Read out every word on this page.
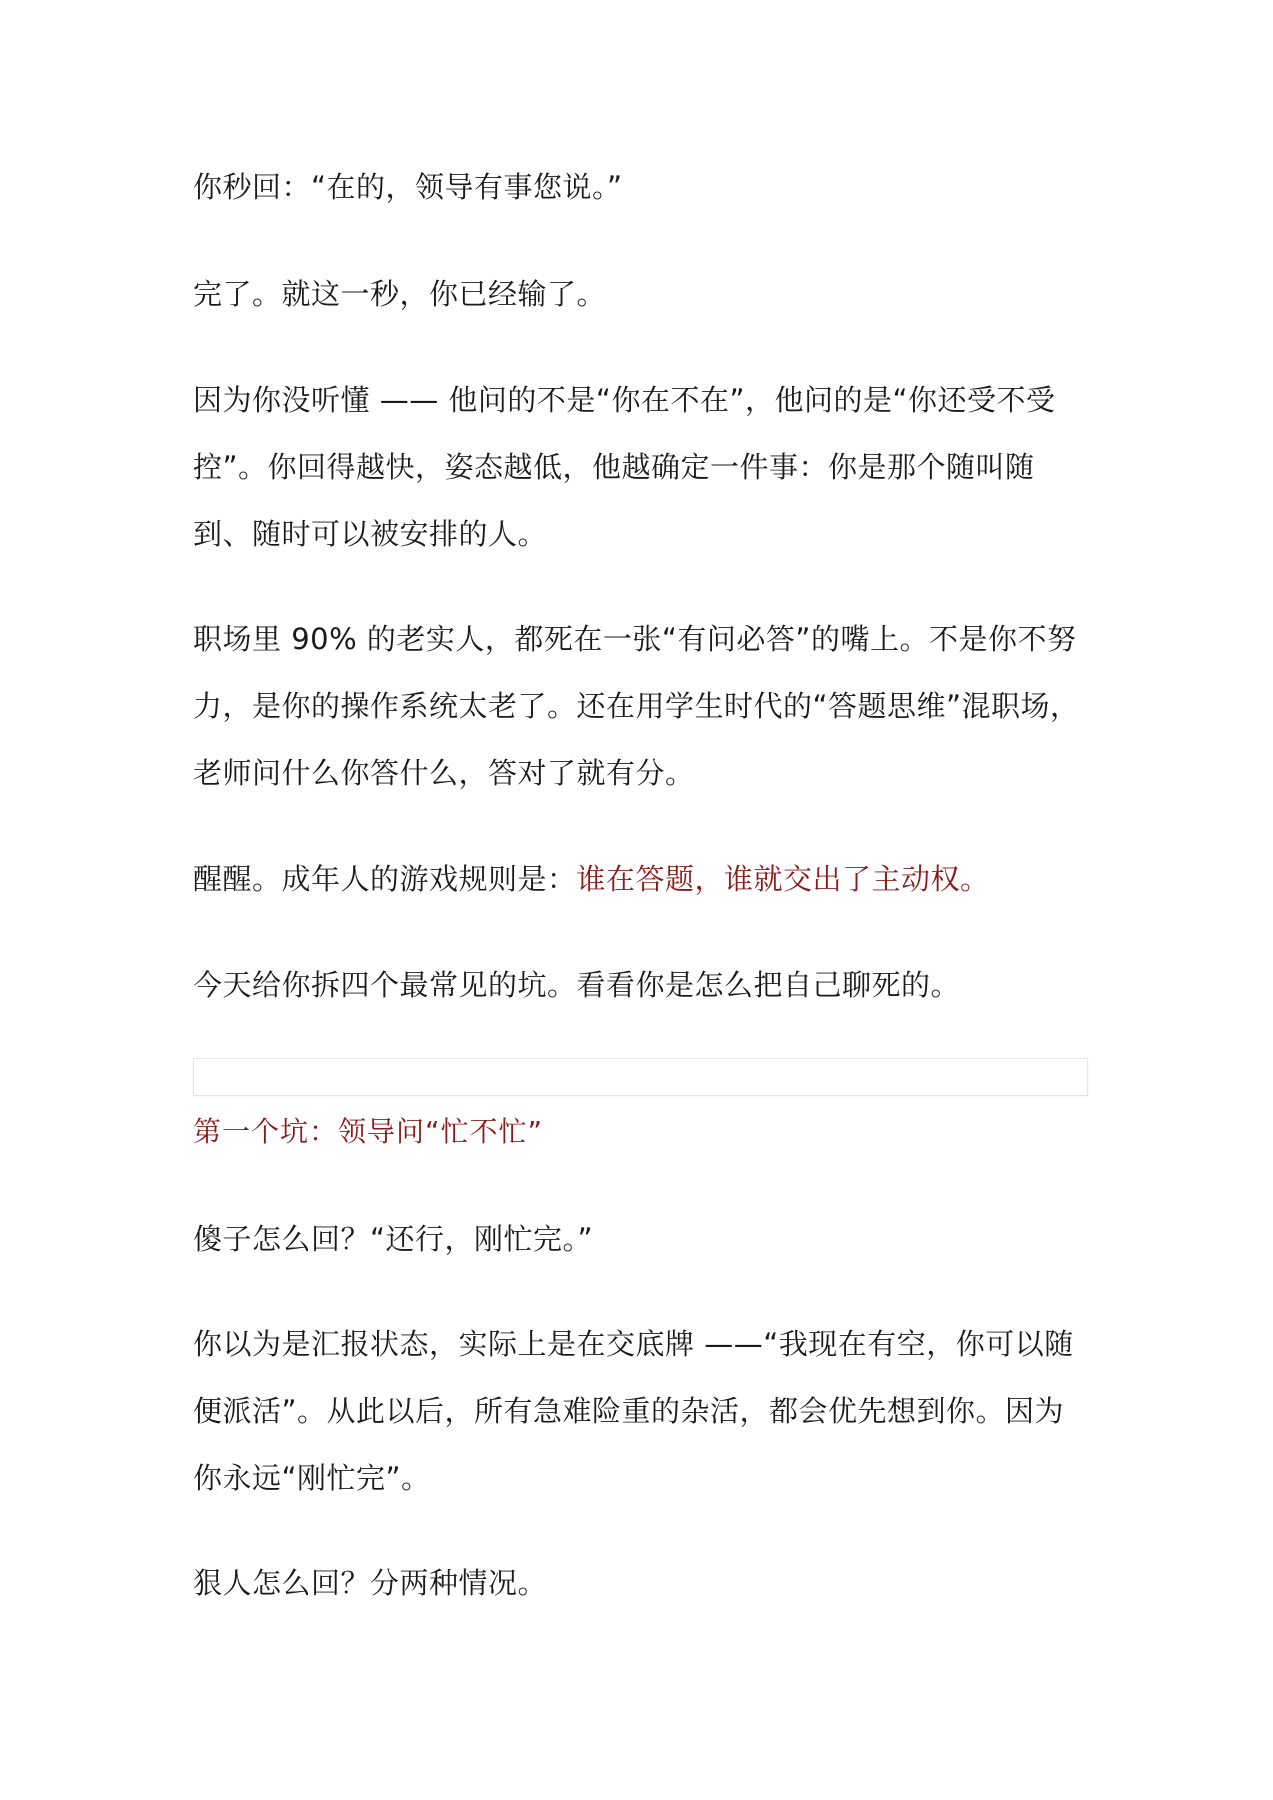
你秒回：“在的，领导有事您说。”

完了。就这一秒，你已经输了。

因为你没听懂 —— 他问的不是“你在不在”，他问的是“你还受不受控”。你回得越快，姿态越低，他越确定一件事：你是那个随叫随到、随时可以被安排的人。

职场里 90% 的老实人，都死在一张“有问必答”的嘴上。不是你不努力，是你的操作系统太老了。还在用学生时代的“答题思维”混职场，老师问什么你答什么，答对了就有分。

醒醒。成年人的游戏规则是：谁在答题，谁就交出了主动权。

今天给你拆四个最常见的坑。看看你是怎么把自己聊死的。

第一个坑：领导问“忙不忙”

傻子怎么回？“还行，刚忙完。”

你以为是汇报状态，实际上是在交底牌 ——“我现在有空，你可以随便派活”。从此以后，所有急难险重的杂活，都会优先想到你。因为你永远“刚忙完”。

狠人怎么回？分两种情况。
